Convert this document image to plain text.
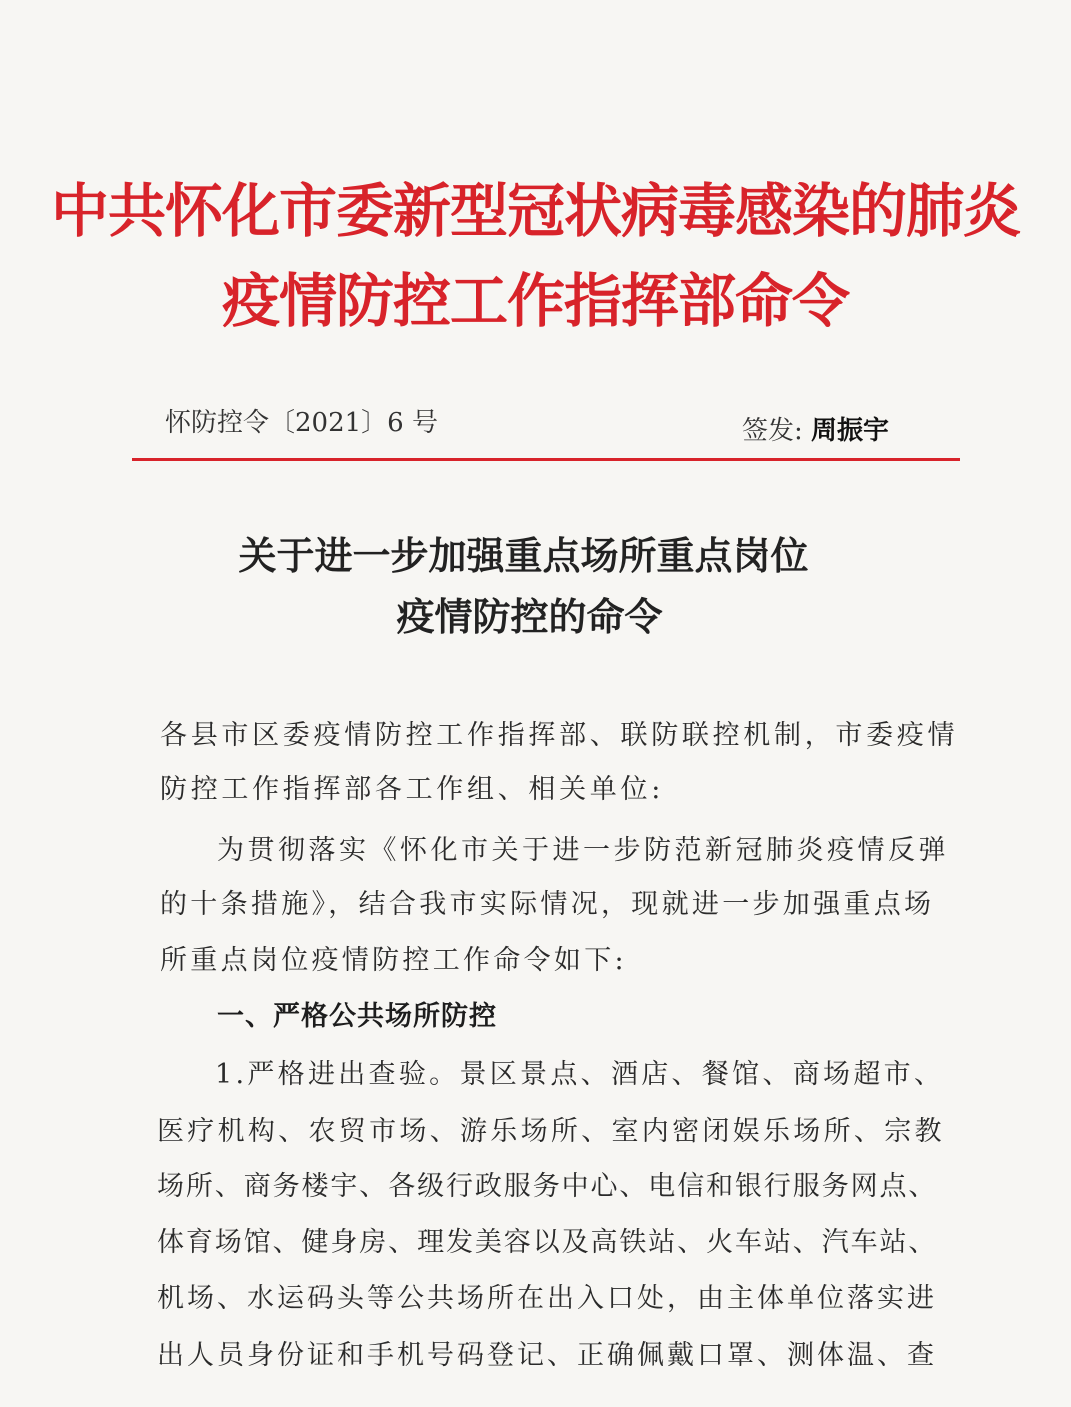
中共怀化市委新型冠状病毒感染的肺炎
疫情防控工作指挥部命令
怀防控令〔2021〕6 号	签发: 周振宇
关于进一步加强重点场所重点岗位
疫情防控的命令
各县市区委疫情防控工作指挥部、联防联控机制，市委疫情
防控工作指挥部各工作组、相关单位:
为贯彻落实《怀化市关于进一步防范新冠肺炎疫情反弹
的十条措施》，结合我市实际情况，现就进一步加强重点场
所重点岗位疫情防控工作命令如下:
一、严格公共场所防控
1.严格进出查验。景区景点、酒店、餐馆、商场超市、
医疗机构、农贸市场、游乐场所、室内密闭娱乐场所、宗教
场所、商务楼宇、各级行政服务中心、电信和银行服务网点、
体育场馆、健身房、理发美容以及高铁站、火车站、汽车站、
机场、水运码头等公共场所在出入口处，由主体单位落实进
出人员身份证和手机号码登记、正确佩戴口罩、测体温、查
